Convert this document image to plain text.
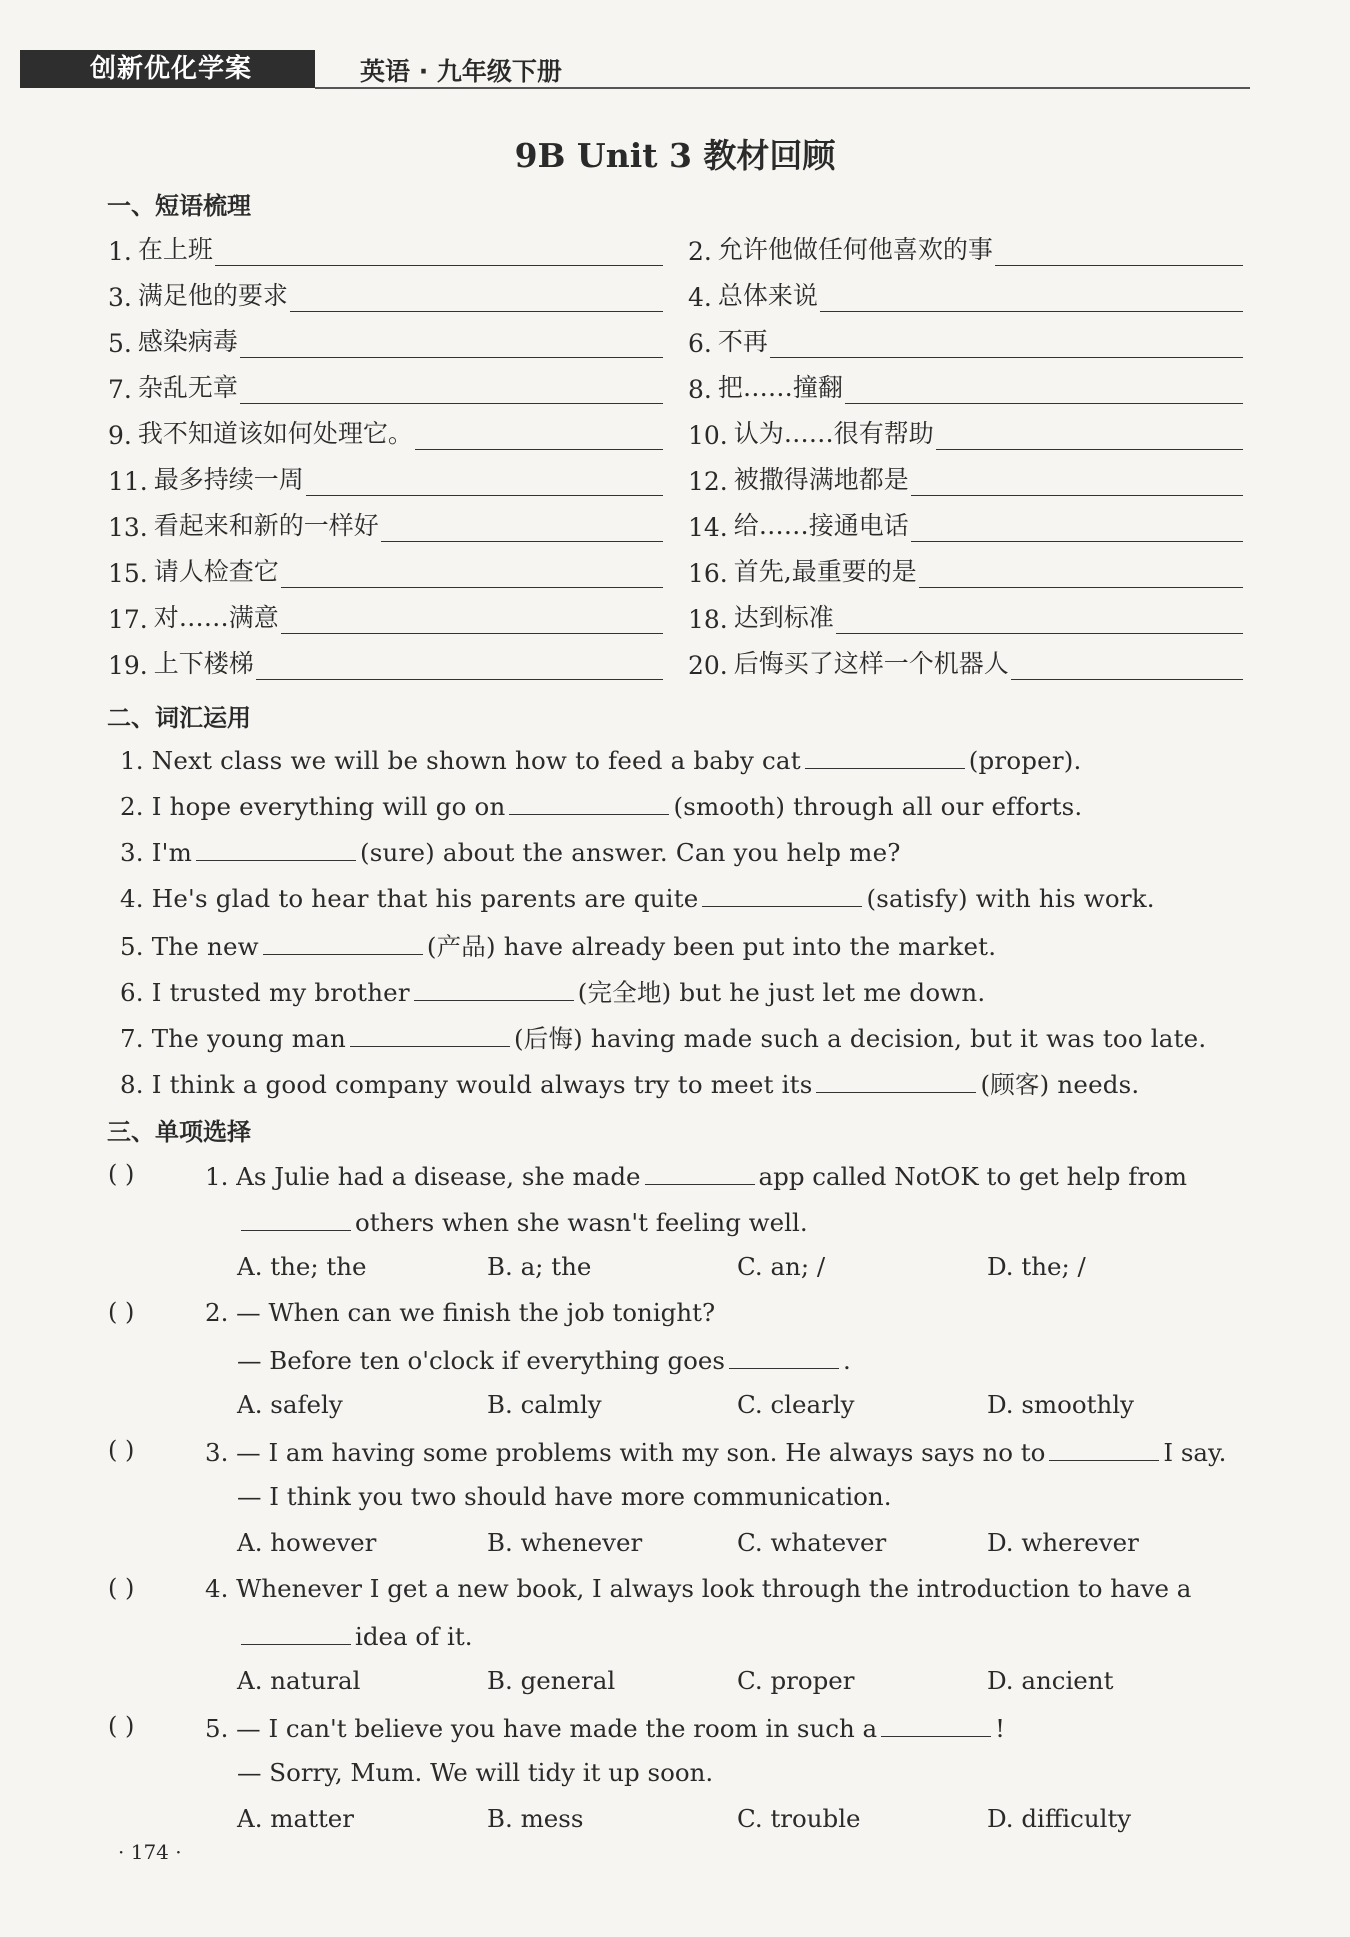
创新优化学案	英语 · 九年级下册
9B Unit 3 教材回顾
一、短语梳理
1. 在上班	2. 允许他做任何他喜欢的事
3. 满足他的要求	4. 总体来说
5. 感染病毒	6. 不再
7. 杂乱无章	8. 把……撞翻
9. 我不知道该如何处理它。	10. 认为……很有帮助
11. 最多持续一周	12. 被撒得满地都是
13. 看起来和新的一样好	14. 给……接通电话
15. 请人检查它	16. 首先,最重要的是
17. 对……满意	18. 达到标准
19. 上下楼梯	20. 后悔买了这样一个机器人
二、词汇运用
1. Next class we will be shown how to feed a baby cat	(proper).
2. I hope everything will go on	(smooth) through all our efforts.
3. I'm	(sure) about the answer. Can you help me?
4. He's glad to hear that his parents are quite	(satisfy) with his work.
5. The new	(产品) have already been put into the market.
6. I trusted my brother	(完全地) but he just let me down.
7. The young man	(后悔) having made such a decision, but it was too late.
8. I think a good company would always try to meet its	(顾客) needs.
三、单项选择
( )	1. As Julie had a disease, she made	app called NotOK to get help from
others when she wasn't feeling well.
A. the; the	B. a; the	C. an; /	D. the; /
( )	2. — When can we finish the job tonight?
— Before ten o'clock if everything goes	.
A. safely	B. calmly	C. clearly	D. smoothly
( )	3. — I am having some problems with my son. He always says no to	I say.
— I think you two should have more communication.
A. however	B. whenever	C. whatever	D. wherever
( )	4. Whenever I get a new book, I always look through the introduction to have a
idea of it.
A. natural	B. general	C. proper	D. ancient
( )	5. — I can't believe you have made the room in such a	!
— Sorry, Mum. We will tidy it up soon.
A. matter	B. mess	C. trouble	D. difficulty
· 174 ·
